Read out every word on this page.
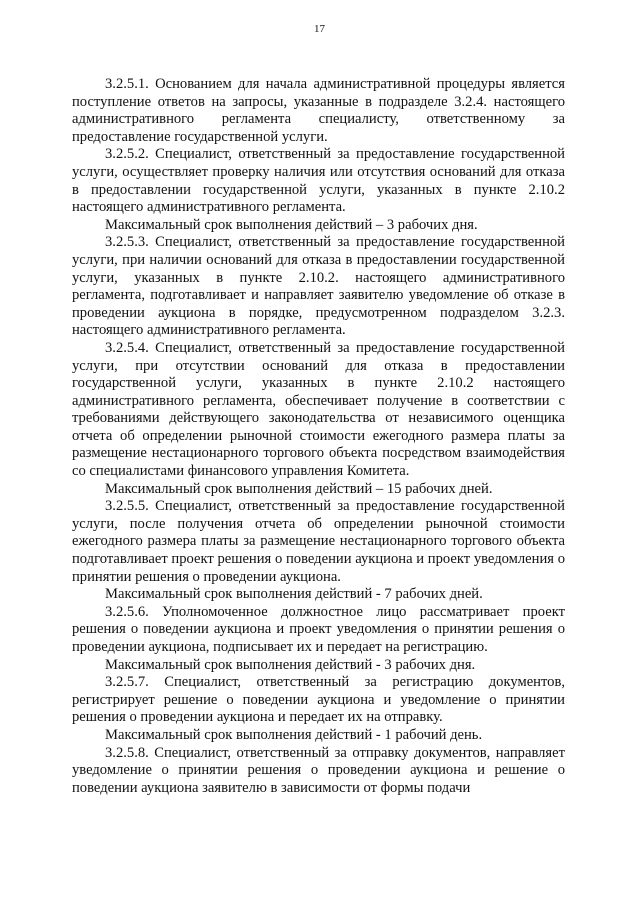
17

3.2.5.1. Основанием для начала административной процедуры является поступление ответов на запросы, указанные в подразделе 3.2.4. настоящего административного регламента специалисту, ответственному за предоставление государственной услуги.

3.2.5.2. Специалист, ответственный за предоставление государственной услуги, осуществляет проверку наличия или отсутствия оснований для отказа в предоставлении государственной услуги, указанных в пункте 2.10.2 настоящего административного регламента.

Максимальный срок выполнения действий – 3 рабочих дня.

3.2.5.3. Специалист, ответственный за предоставление государственной услуги, при наличии оснований для отказа в предоставлении государственной услуги, указанных в пункте 2.10.2. настоящего административного регламента, подготавливает и направляет заявителю уведомление об отказе в проведении аукциона в порядке, предусмотренном подразделом 3.2.3. настоящего административного регламента.

3.2.5.4. Специалист, ответственный за предоставление государственной услуги, при отсутствии оснований для отказа в предоставлении государственной услуги, указанных в пункте 2.10.2 настоящего административного регламента, обеспечивает получение в соответствии с требованиями действующего законодательства от независимого оценщика отчета об определении рыночной стоимости ежегодного размера платы за размещение нестационарного торгового объекта посредством взаимодействия со специалистами финансового управления Комитета.

Максимальный срок выполнения действий – 15 рабочих дней.

3.2.5.5. Специалист, ответственный за предоставление государственной услуги, после получения отчета об определении рыночной стоимости ежегодного размера платы за размещение нестационарного торгового объекта подготавливает проект решения о поведении аукциона и проект уведомления о принятии решения о проведении аукциона.

Максимальный срок выполнения действий - 7 рабочих дней.

3.2.5.6. Уполномоченное должностное лицо рассматривает проект решения о поведении аукциона и проект уведомления о принятии решения о проведении аукциона, подписывает их и передает на регистрацию.

Максимальный срок выполнения действий - 3 рабочих дня.

3.2.5.7. Специалист, ответственный за регистрацию документов, регистрирует решение о поведении аукциона и уведомление о принятии решения о проведении аукциона и передает их на отправку.

Максимальный срок выполнения действий - 1 рабочий день.

3.2.5.8. Специалист, ответственный за отправку документов, направляет уведомление о принятии решения о проведении аукциона и решение о поведении аукциона заявителю в зависимости от формы подачи
